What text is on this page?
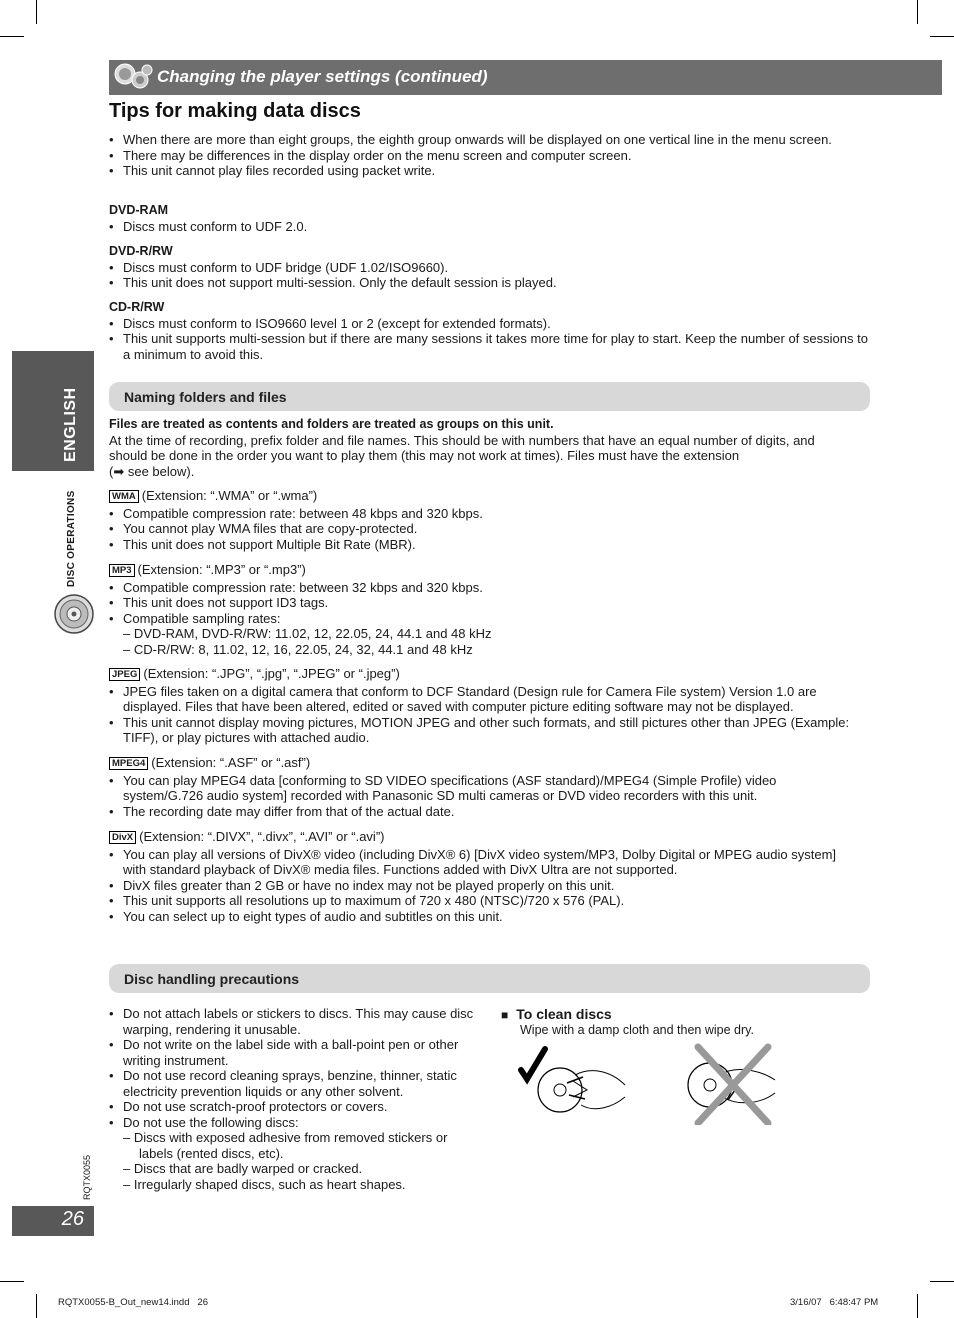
Changing the player settings (continued)
Tips for making data discs
• When there are more than eight groups, the eighth group onwards will be displayed on one vertical line in the menu screen.
• There may be differences in the display order on the menu screen and computer screen.
• This unit cannot play files recorded using packet write.
DVD-RAM
• Discs must conform to UDF 2.0.
DVD-R/RW
• Discs must conform to UDF bridge (UDF 1.02/ISO9660).
• This unit does not support multi-session. Only the default session is played.
CD-R/RW
• Discs must conform to ISO9660 level 1 or 2 (except for extended formats).
• This unit supports multi-session but if there are many sessions it takes more time for play to start. Keep the number of sessions to a minimum to avoid this.
Naming folders and files
Files are treated as contents and folders are treated as groups on this unit.
At the time of recording, prefix folder and file names. This should be with numbers that have an equal number of digits, and should be done in the order you want to play them (this may not work at times). Files must have the extension
(➡ see below).
WMA (Extension: “.WMA” or “.wma”)
• Compatible compression rate: between 48 kbps and 320 kbps.
• You cannot play WMA files that are copy-protected.
• This unit does not support Multiple Bit Rate (MBR).
MP3 (Extension: “.MP3” or “.mp3”)
• Compatible compression rate: between 32 kbps and 320 kbps.
• This unit does not support ID3 tags.
• Compatible sampling rates:
– DVD-RAM, DVD-R/RW: 11.02, 12, 22.05, 24, 44.1 and 48 kHz
– CD-R/RW: 8, 11.02, 12, 16, 22.05, 24, 32, 44.1 and 48 kHz
JPEG (Extension: “.JPG”, “.jpg”, “.JPEG” or “.jpeg”)
• JPEG files taken on a digital camera that conform to DCF Standard (Design rule for Camera File system) Version 1.0 are displayed. Files that have been altered, edited or saved with computer picture editing software may not be displayed.
• This unit cannot display moving pictures, MOTION JPEG and other such formats, and still pictures other than JPEG (Example: TIFF), or play pictures with attached audio.
MPEG4 (Extension: “.ASF” or “.asf”)
• You can play MPEG4 data [conforming to SD VIDEO specifications (ASF standard)/MPEG4 (Simple Profile) video system/G.726 audio system] recorded with Panasonic SD multi cameras or DVD video recorders with this unit.
• The recording date may differ from that of the actual date.
DivX (Extension: “.DIVX”, “.divx”, “.AVI” or “.avi”)
• You can play all versions of DivX® video (including DivX® 6) [DivX video system/MP3, Dolby Digital or MPEG audio system] with standard playback of DivX® media files. Functions added with DivX Ultra are not supported.
• DivX files greater than 2 GB or have no index may not be played properly on this unit.
• This unit supports all resolutions up to maximum of 720 x 480 (NTSC)/720 x 576 (PAL).
• You can select up to eight types of audio and subtitles on this unit.
Disc handling precautions
• Do not attach labels or stickers to discs. This may cause disc warping, rendering it unusable.
• Do not write on the label side with a ball-point pen or other writing instrument.
• Do not use record cleaning sprays, benzine, thinner, static electricity prevention liquids or any other solvent.
• Do not use scratch-proof protectors or covers.
• Do not use the following discs:
– Discs with exposed adhesive from removed stickers or labels (rented discs, etc).
– Discs that are badly warped or cracked.
– Irregularly shaped discs, such as heart shapes.
■ To clean discs
Wipe with a damp cloth and then wipe dry.
ENGLISH
DISC OPERATIONS
RQTX0055
26
RQTX0055-B_Out_new14.indd   26	3/16/07   6:48:47 PM
